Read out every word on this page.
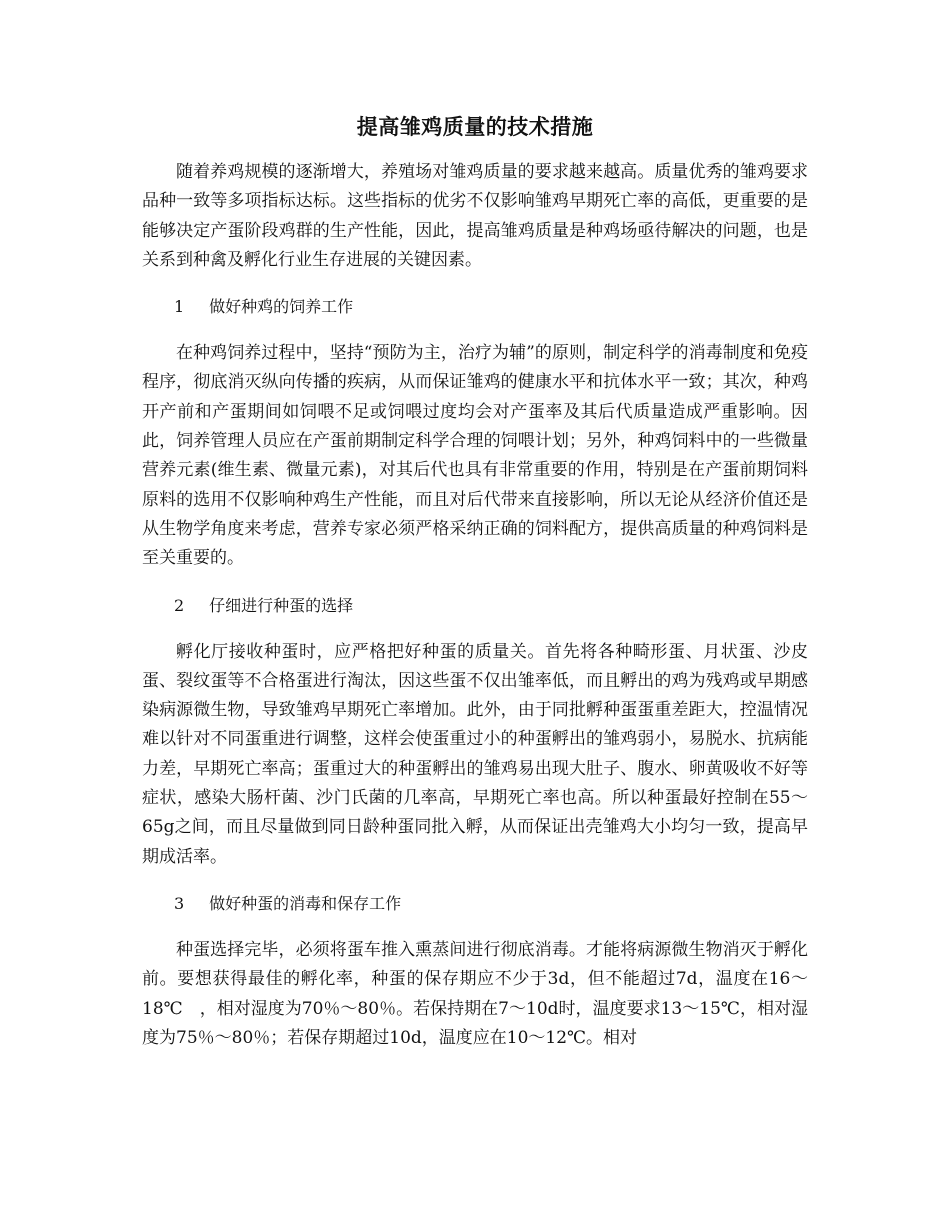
提高雏鸡质量的技术措施

随着养鸡规模的逐渐增大，养殖场对雏鸡质量的要求越来越高。质量优秀的雏鸡要求品种一致等多项指标达标。这些指标的优劣不仅影响雏鸡早期死亡率的高低，更重要的是能够决定产蛋阶段鸡群的生产性能，因此，提高雏鸡质量是种鸡场亟待解决的问题，也是关系到种禽及孵化行业生存进展的关键因素。

1 做好种鸡的饲养工作

在种鸡饲养过程中，坚持“预防为主，治疗为辅”的原则，制定科学的消毒制度和免疫程序，彻底消灭纵向传播的疾病，从而保证雏鸡的健康水平和抗体水平一致；其次，种鸡开产前和产蛋期间如饲喂不足或饲喂过度均会对产蛋率及其后代质量造成严重影响。因此，饲养管理人员应在产蛋前期制定科学合理的饲喂计划；另外，种鸡饲料中的一些微量营养元素(维生素、微量元素)，对其后代也具有非常重要的作用，特别是在产蛋前期饲料原料的选用不仅影响种鸡生产性能，而且对后代带来直接影响，所以无论从经济价值还是从生物学角度来考虑，营养专家必须严格采纳正确的饲料配方，提供高质量的种鸡饲料是至关重要的。

2 仔细进行种蛋的选择

孵化厅接收种蛋时，应严格把好种蛋的质量关。首先将各种畸形蛋、月状蛋、沙皮蛋、裂纹蛋等不合格蛋进行淘汰，因这些蛋不仅出雏率低，而且孵出的鸡为残鸡或早期感染病源微生物，导致雏鸡早期死亡率增加。此外，由于同批孵种蛋蛋重差距大，控温情况难以针对不同蛋重进行调整，这样会使蛋重过小的种蛋孵出的雏鸡弱小，易脱水、抗病能力差，早期死亡率高；蛋重过大的种蛋孵出的雏鸡易出现大肚子、腹水、卵黄吸收不好等症状，感染大肠杆菌、沙门氏菌的几率高，早期死亡率也高。所以种蛋最好控制在55～65g之间，而且尽量做到同日龄种蛋同批入孵，从而保证出壳雏鸡大小均匀一致，提高早期成活率。

3 做好种蛋的消毒和保存工作

种蛋选择完毕，必须将蛋车推入熏蒸间进行彻底消毒。才能将病源微生物消灭于孵化前。要想获得最佳的孵化率，种蛋的保存期应不少于3d，但不能超过7d，温度在16～18℃　，相对湿度为70％～80％。若保持期在7～10d时，温度要求13～15℃，相对湿度为75％～80％；若保存期超过10d，温度应在10～12℃。相对
